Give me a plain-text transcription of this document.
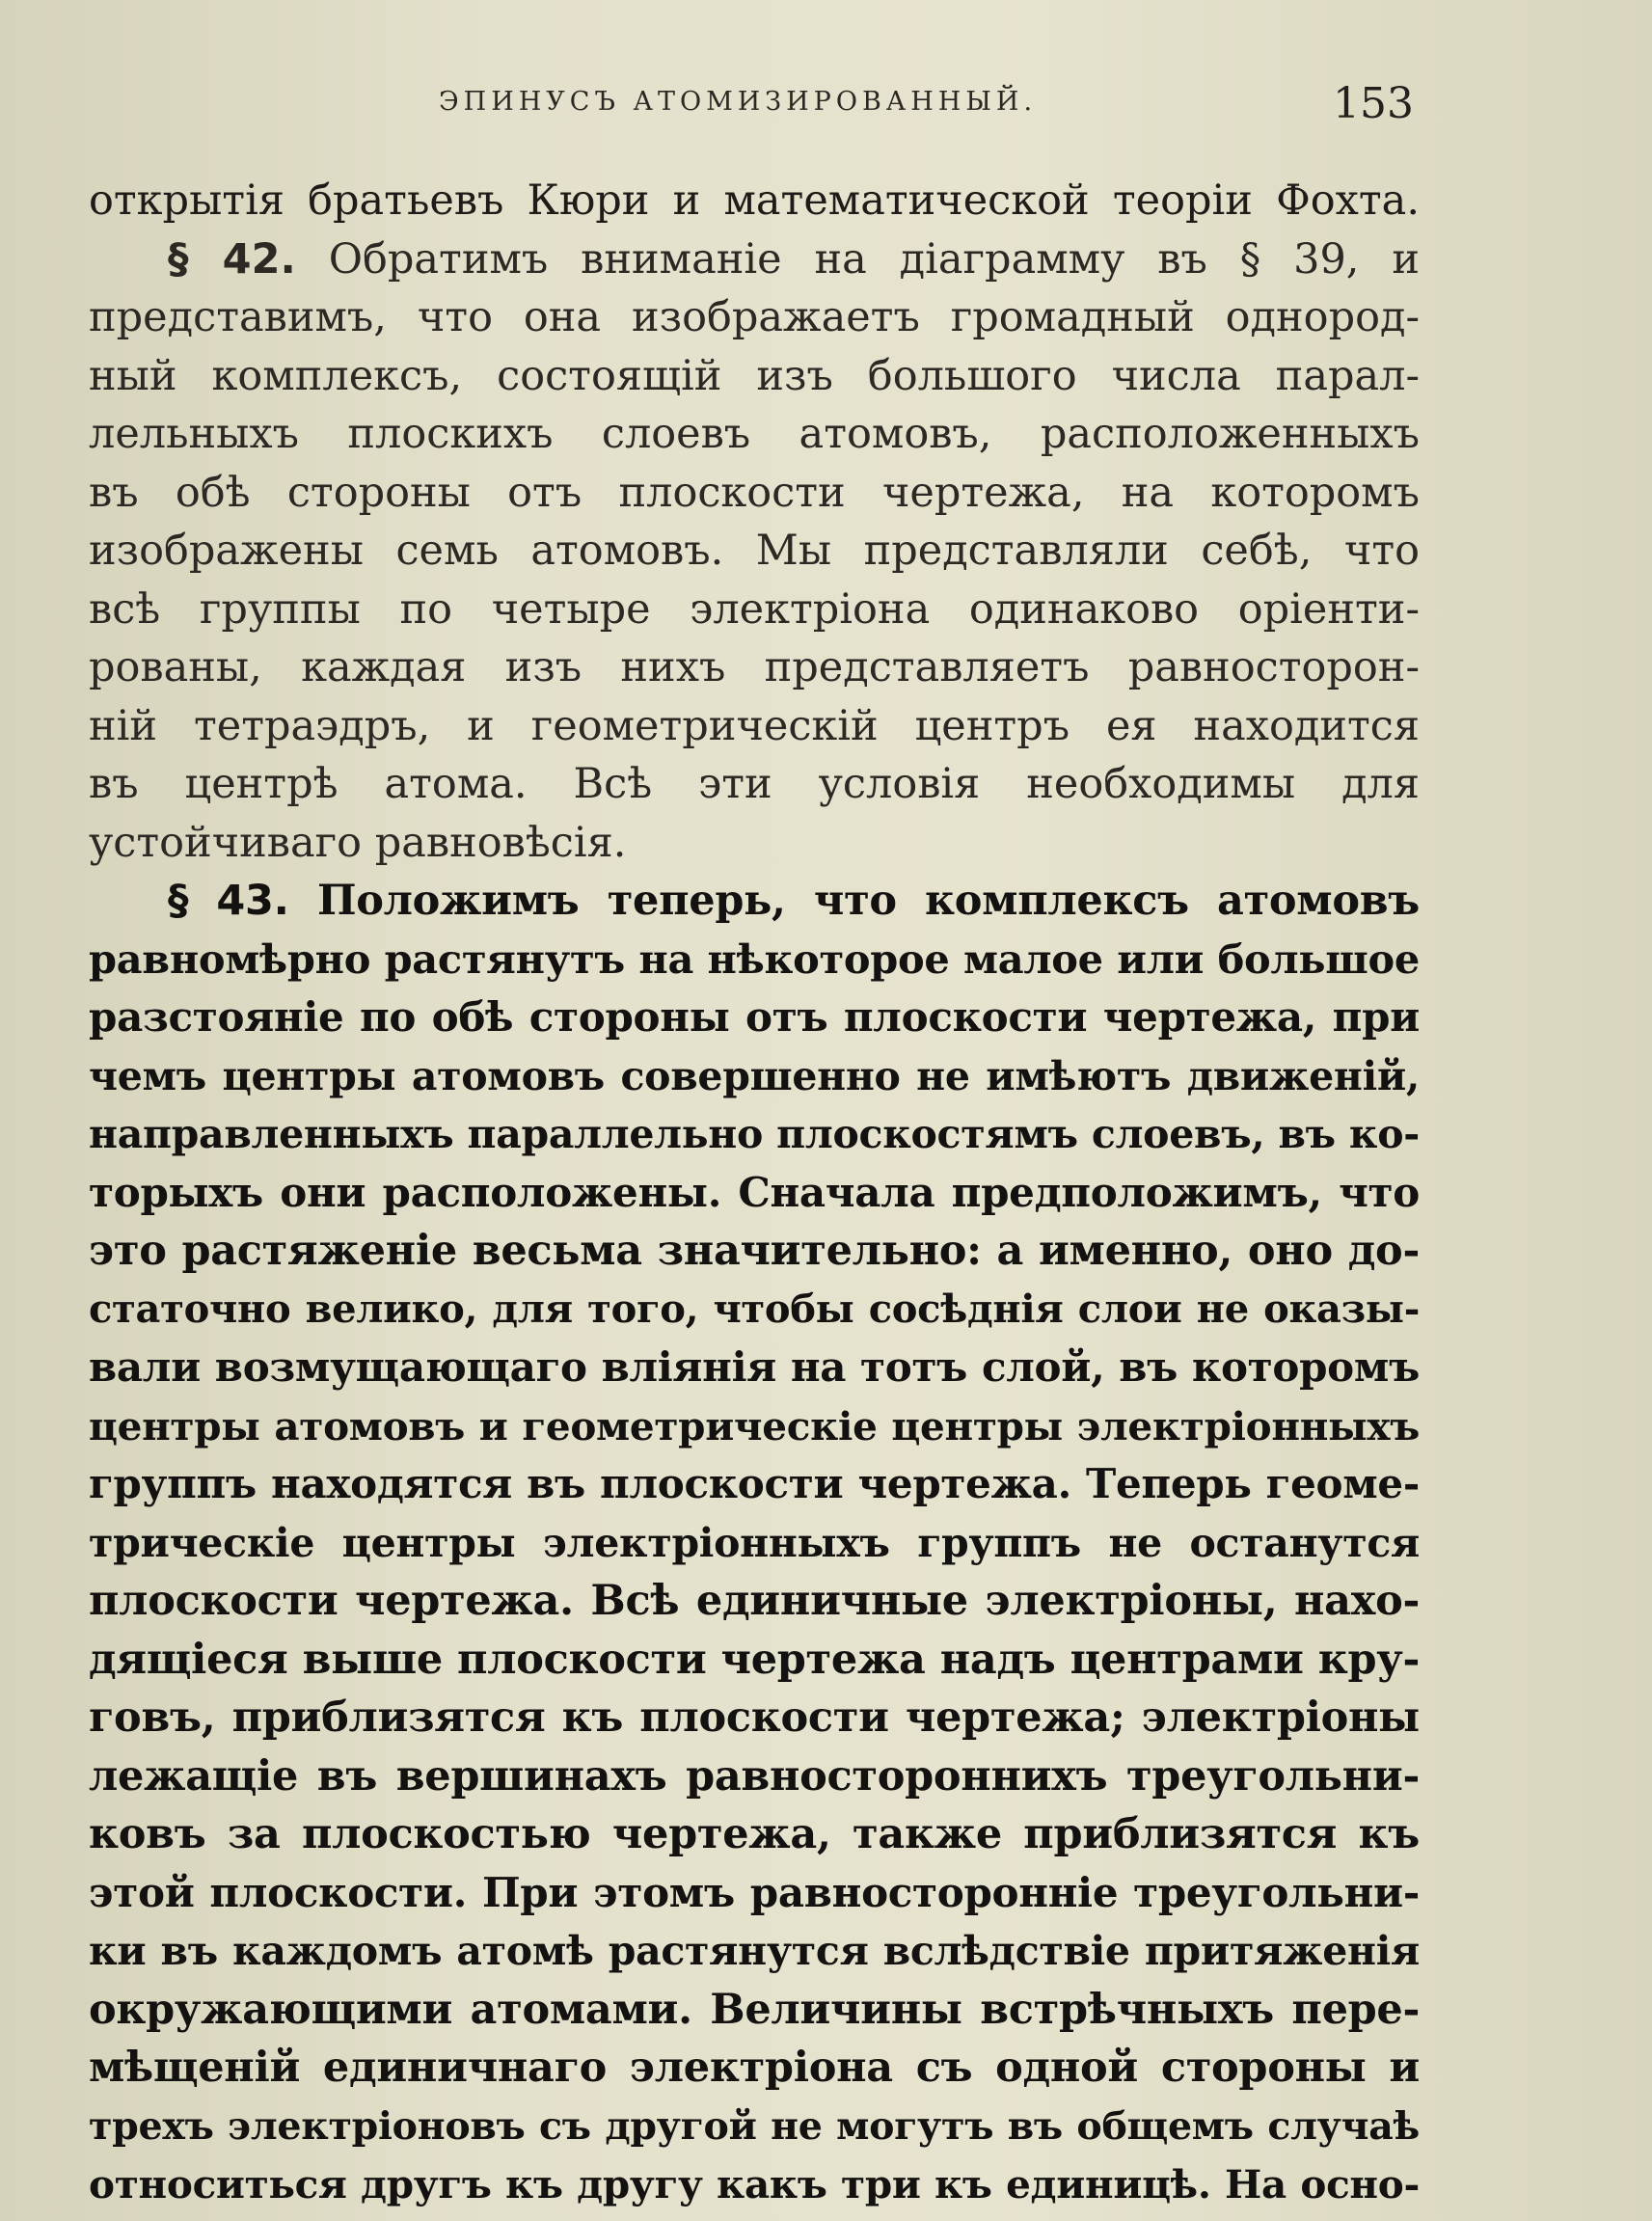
ЭПИНУСЪ АТОМИЗИРОВАННЫЙ.	153
открытія братьевъ Кюри и математической теоріи Фохта.
§ 42. Обратимъ вниманіе на діаграмму въ § 39, и
представимъ, что она изображаетъ громадный однород-
ный комплексъ, состоящій изъ большого числа парал-
лельныхъ плоскихъ слоевъ атомовъ, расположенныхъ
въ обѣ стороны отъ плоскости чертежа, на которомъ
изображены семь атомовъ. Мы представляли себѣ, что
всѣ группы по четыре электріона одинаково оріенти-
рованы, каждая изъ нихъ представляетъ равносторон-
ній тетраэдръ, и геометрическій центръ ея находится
въ центрѣ атома. Всѣ эти условія необходимы для
устойчиваго равновѣсія.
§ 43. Положимъ теперь, что комплексъ атомовъ
равномѣрно растянутъ на нѣкоторое малое или большое
разстояніе по обѣ стороны отъ плоскости чертежа, при
чемъ центры атомовъ совершенно не имѣютъ движеній,
направленныхъ параллельно плоскостямъ слоевъ, въ ко-
торыхъ они расположены. Сначала предположимъ, что
это растяженіе весьма значительно: а именно, оно до-
статочно велико, для того, чтобы сосѣднія слои не оказы-
вали возмущающаго вліянія на тотъ слой, въ которомъ
центры атомовъ и геометрическіе центры электріонныхъ
группъ находятся въ плоскости чертежа. Теперь геоме-
трическіе центры электріонныхъ группъ не останутся
плоскости чертежа. Всѣ единичные электріоны, нахо-
дящіеся выше плоскости чертежа надъ центрами кру-
говъ, приблизятся къ плоскости чертежа; электріоны
лежащіе въ вершинахъ равностороннихъ треугольни-
ковъ за плоскостью чертежа, также приблизятся къ
этой плоскости. При этомъ равносторонніе треугольни-
ки въ каждомъ атомѣ растянутся вслѣдствіе притяженія
окружающими атомами. Величины встрѣчныхъ пере-
мѣщеній единичнаго электріона съ одной стороны и
трехъ электріоновъ съ другой не могутъ въ общемъ случаѣ
относиться другъ къ другу какъ три къ единицѣ. На осно-
